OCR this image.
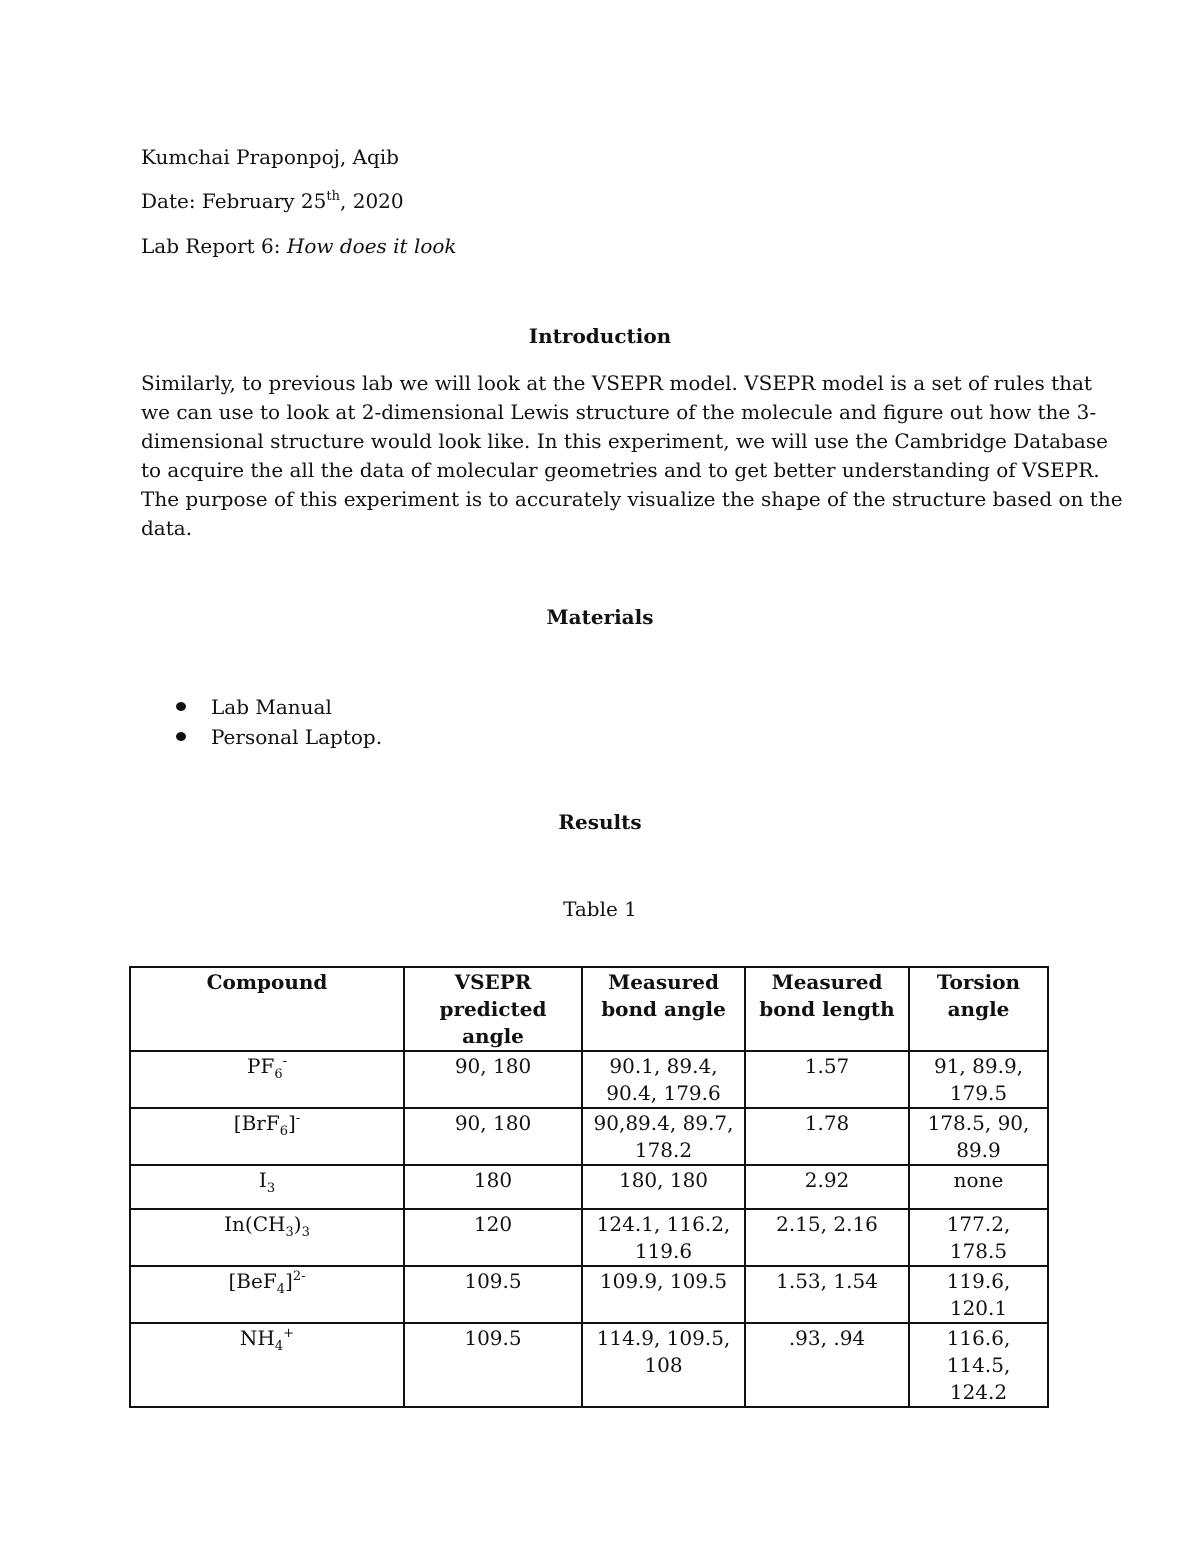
Kumchai Praponpoj, Aqib
Date: February 25th, 2020
Lab Report 6: How does it look
Introduction

Similarly, to previous lab we will look at the VSEPR model. VSEPR model is a set of rules that

we can use to look at 2-dimensional Lewis structure of the molecule and figure out how the 3-

dimensional structure would look like. In this experiment, we will use the Cambridge Database

to acquire the all the data of molecular geometries and to get better understanding of VSEPR.

The purpose of this experiment is to accurately visualize the shape of the structure based on the

data.

Materials
Lab Manual
Personal Laptop.
Results
Table 1
Compound	VSEPR predicted angle	Measured bond angle	Measured bond length	Torsion angle
$PF_6^-$	90, 180	90.1, 89.4, 90.4, 179.6	1.57	91, 89.9, 179.5
[BrF$_6$]-	90, 180	90,89.4, 89.7, 178.2	1.78	178.5, 90, 89.9
$I_3$	180	180, 180	2.92	none
$In(CH_3)_3$	120	124.1, 116.2, 119.6	2.15, 2.16	177.2, 178.5
$[BeF_4]^{2-}$	109.5	109.9, 109.5	1.53, 1.54	119.6, 120.1
$NH_4^+$	109.5	114.9, 109.5, 108	.93, .94	116.6, 114.5, 124.2
